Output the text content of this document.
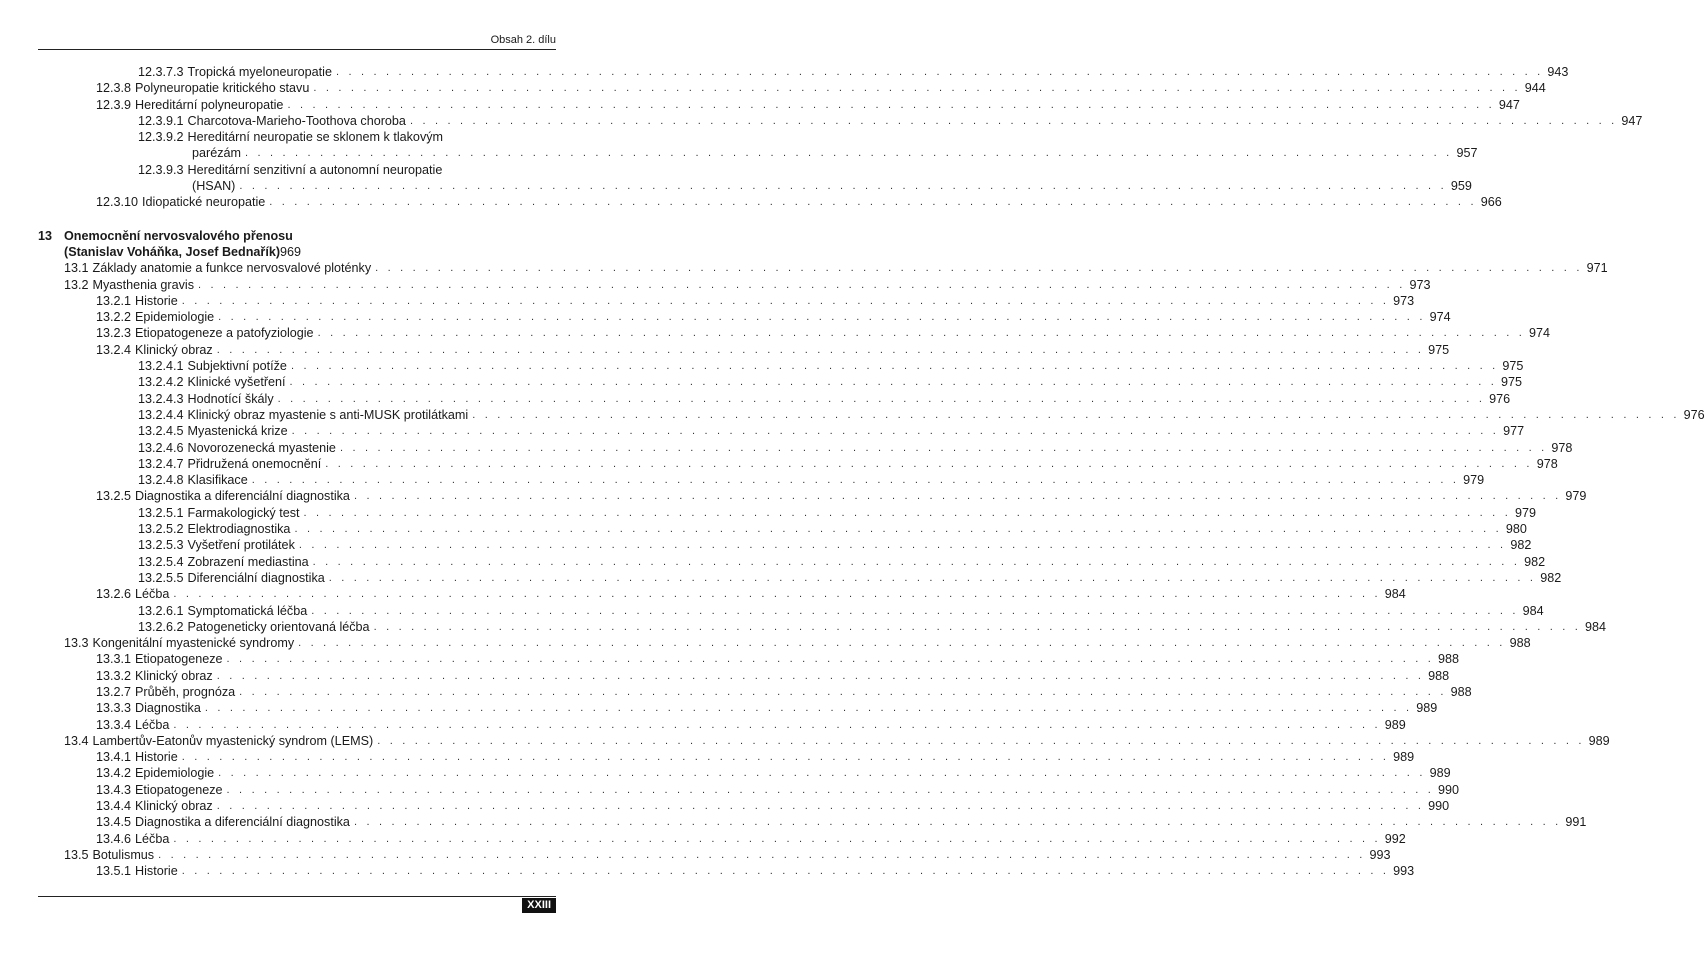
Obsah 2. dílu
12.3.7.3 Tropická myeloneuropatie . . .	943
12.3.8 Polyneuropatie kritického stavu . . .	944
12.3.9 Hereditární polyneuropatie . . .	947
12.3.9.1 Charcotova-Marieho-Toothova choroba . . .	947
12.3.9.2 Hereditární neuropatie se sklonem k tlakovým
parézám . . .	957
12.3.9.3 Hereditární senzitivní a autonomní neuropatie
(HSAN) . . .	959
12.3.10 Idiopatické neuropatie . . .	966
13 Onemocnění nervosvalového přenosu
(Stanislav Voháňka, Josef Bednařík) 969
13.1 Základy anatomie a funkce nervosvalové ploténky . . .	971
13.2 Myasthenia gravis . . .	973
13.2.1 Historie . . .	973
13.2.2 Epidemiologie . . .	974
13.2.3 Etiopatogeneze a patofyziologie . . .	974
13.2.4 Klinický obraz . . .	975
13.2.4.1 Subjektivní potíže . . .	975
13.2.4.2 Klinické vyšetření . . .	975
13.2.4.3 Hodnotící škály . . .	976
13.2.4.4 Klinický obraz myastenie s anti-MUSK protilátkami . . .	976
13.2.4.5 Myastenická krize . . .	977
13.2.4.6 Novorozenecká myastenie . . .	978
13.2.4.7 Přidružená onemocnění . . .	978
13.2.4.8 Klasifikace . . .	979
13.2.5 Diagnostika a diferenciální diagnostika . . .	979
13.2.5.1 Farmakologický test . . .	979
13.2.5.2 Elektrodiagnostika . . .	980
13.2.5.3 Vyšetření protilátek . . .	982
13.2.5.4 Zobrazení mediastina . . .	982
13.2.5.5 Diferenciální diagnostika . . .	982
13.2.6 Léčba . . .	984
13.2.6.1 Symptomatická léčba . . .	984
13.2.6.2 Patogeneticky orientovaná léčba . . .	984
13.3 Kongenitální myastenické syndromy . . .	988
13.3.1 Etiopatogeneze . . .	988
13.3.2 Klinický obraz . . .	988
13.2.7 Průběh, prognóza . . .	988
13.3.3 Diagnostika . . .	989
13.3.4 Léčba . . .	989
13.4 Lambertův-Eatonův myastenický syndrom (LEMS) . . .	989
13.4.1 Historie . . .	989
13.4.2 Epidemiologie . . .	989
13.4.3 Etiopatogeneze . . .	990
13.4.4 Klinický obraz . . .	990
13.4.5 Diagnostika a diferenciální diagnostika . . .	991
13.4.6 Léčba . . .	992
13.5 Botulismus . . .	993
13.5.1 Historie . . .	993
XXIII
